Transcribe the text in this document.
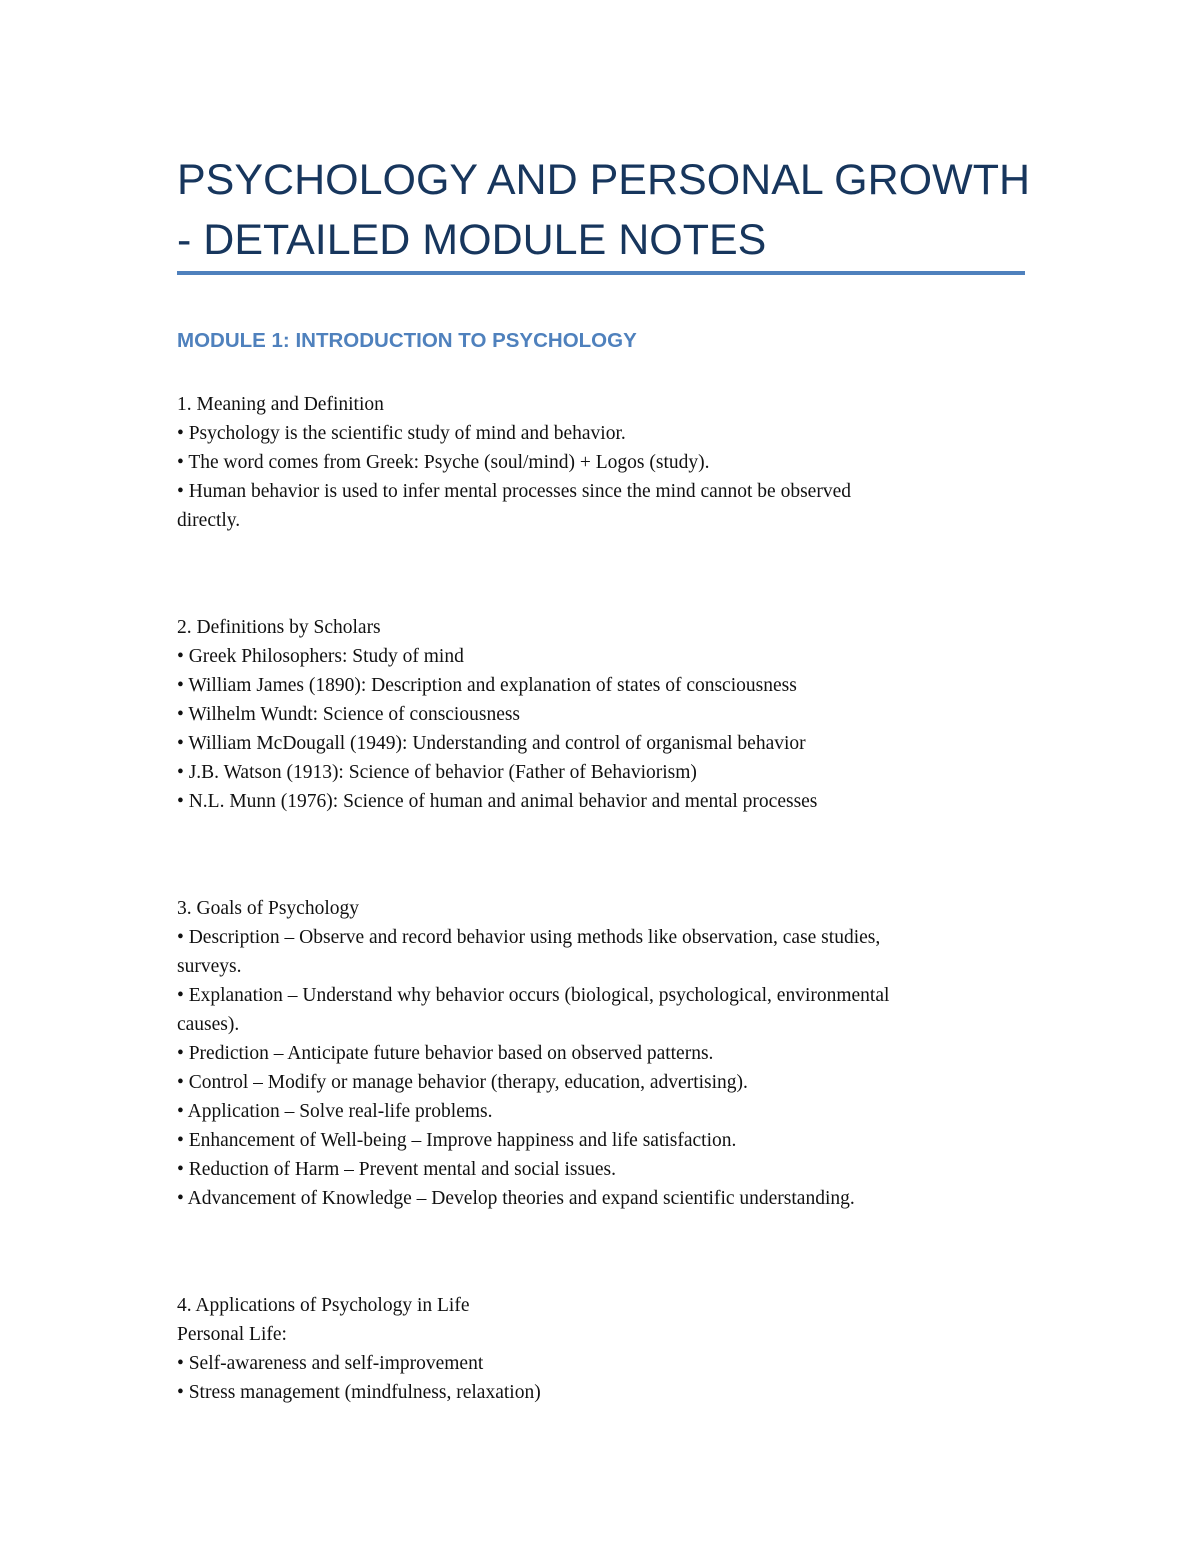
PSYCHOLOGY AND PERSONAL GROWTH
- DETAILED MODULE NOTES
MODULE 1: INTRODUCTION TO PSYCHOLOGY
1. Meaning and Definition
• Psychology is the scientific study of mind and behavior.
• The word comes from Greek: Psyche (soul/mind) + Logos (study).
• Human behavior is used to infer mental processes since the mind cannot be observed
directly.
2. Definitions by Scholars
• Greek Philosophers: Study of mind
• William James (1890): Description and explanation of states of consciousness
• Wilhelm Wundt: Science of consciousness
• William McDougall (1949): Understanding and control of organismal behavior
• J.B. Watson (1913): Science of behavior (Father of Behaviorism)
• N.L. Munn (1976): Science of human and animal behavior and mental processes
3. Goals of Psychology
• Description – Observe and record behavior using methods like observation, case studies,
surveys.
• Explanation – Understand why behavior occurs (biological, psychological, environmental
causes).
• Prediction – Anticipate future behavior based on observed patterns.
• Control – Modify or manage behavior (therapy, education, advertising).
• Application – Solve real-life problems.
• Enhancement of Well-being – Improve happiness and life satisfaction.
• Reduction of Harm – Prevent mental and social issues.
• Advancement of Knowledge – Develop theories and expand scientific understanding.
4. Applications of Psychology in Life
Personal Life:
• Self-awareness and self-improvement
• Stress management (mindfulness, relaxation)
